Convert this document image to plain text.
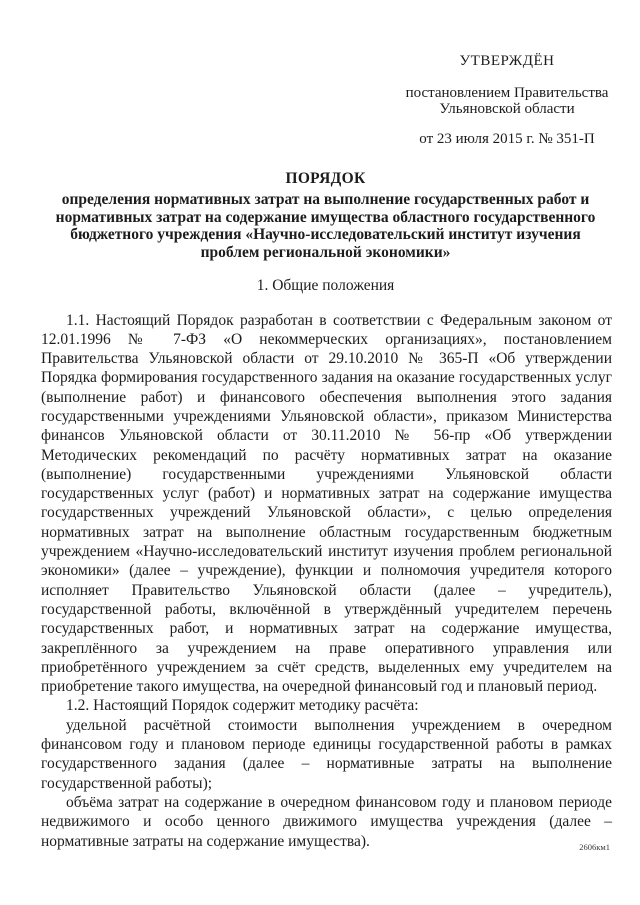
УТВЕРЖДЁН
постановлением Правительства
Ульяновской области
от 23 июля 2015 г. № 351-П
ПОРЯДОК
определения нормативных затрат на выполнение государственных работ и нормативных затрат на содержание имущества областного государственного бюджетного учреждения «Научно-исследовательский институт изучения проблем региональной экономики»
1. Общие положения

1.1. Настоящий Порядок разработан в соответствии с Федеральным законом от 12.01.1996 № 7-ФЗ «О некоммерческих организациях», постановлением Правительства Ульяновской области от 29.10.2010 № 365-П «Об утверждении Порядка формирования государственного задания на оказание государственных услуг (выполнение работ) и финансового обеспечения выполнения этого задания государственными учреждениями Ульяновской области», приказом Министерства финансов Ульяновской области от 30.11.2010 № 56-пр «Об утверждении Методических рекомендаций по расчёту нормативных затрат на оказание (выполнение) государственными учреждениями Ульяновской области государственных услуг (работ) и нормативных затрат на содержание имущества государственных учреждений Ульяновской области», с целью определения нормативных затрат на выполнение областным государственным бюджетным учреждением «Научно-исследовательский институт изучения проблем региональной экономики» (далее – учреждение), функции и полномочия учредителя которого исполняет Правительство Ульяновской области (далее – учредитель), государственной работы, включённой в утверждённый учредителем перечень государственных работ, и нормативных затрат на содержание имущества, закреплённого за учреждением на праве оперативного управления или приобретённого учреждением за счёт средств, выделенных ему учредителем на приобретение такого имущества, на очередной финансовый год и плановый период.

1.2. Настоящий Порядок содержит методику расчёта:

удельной расчётной стоимости выполнения учреждением в очередном финансовом году и плановом периоде единицы государственной работы в рамках государственного задания (далее – нормативные затраты на выполнение государственной работы);

объёма затрат на содержание в очередном финансовом году и плановом периоде недвижимого и особо ценного движимого имущества учреждения (далее – нормативные затраты на содержание имущества).	2606км1
